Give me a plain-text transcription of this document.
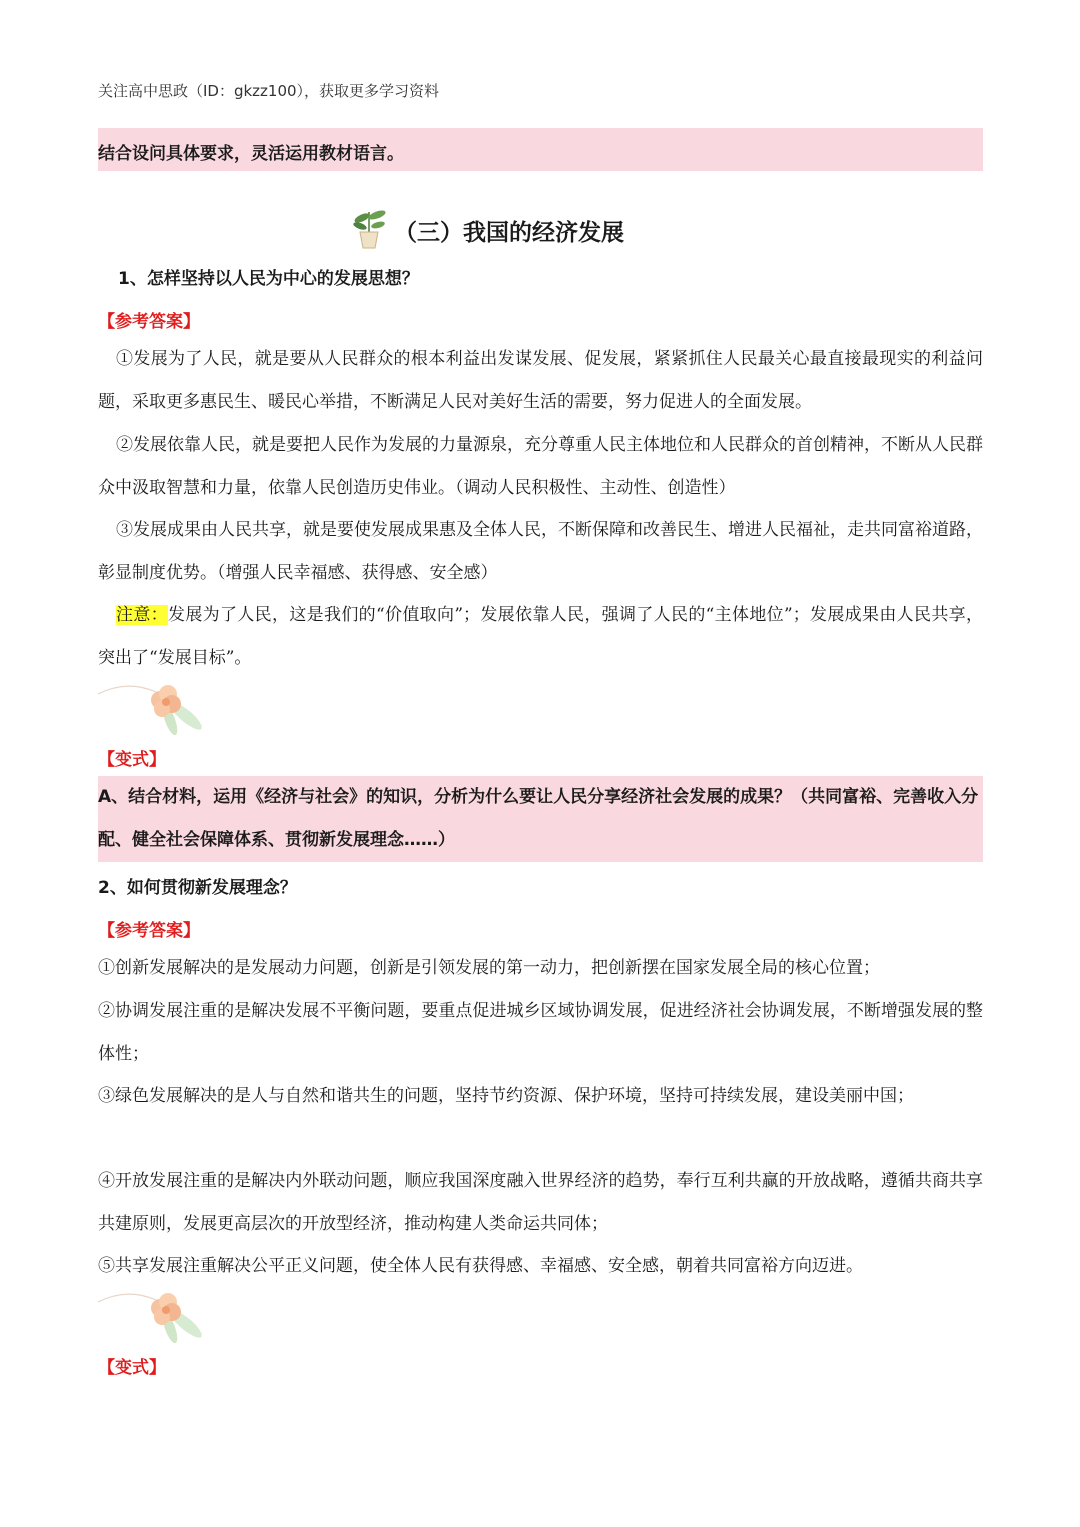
关注高中思政（ID：gkzz100），获取更多学习资料
结合设问具体要求，灵活运用教材语言。
（三）我国的经济发展
1、怎样坚持以人民为中心的发展思想？
【参考答案】
①发展为了人民，就是要从人民群众的根本利益出发谋发展、促发展，紧紧抓住人民最关心最直接最现实的利益问题，采取更多惠民生、暖民心举措，不断满足人民对美好生活的需要，努力促进人的全面发展。
②发展依靠人民，就是要把人民作为发展的力量源泉，充分尊重人民主体地位和人民群众的首创精神，不断从人民群众中汲取智慧和力量，依靠人民创造历史伟业。（调动人民积极性、主动性、创造性）
③发展成果由人民共享，就是要使发展成果惠及全体人民，不断保障和改善民生、增进人民福祉，走共同富裕道路，彰显制度优势。（增强人民幸福感、获得感、安全感）
注意：发展为了人民，这是我们的“价值取向”；发展依靠人民，强调了人民的“主体地位”；发展成果由人民共享，突出了“发展目标”。
【变式】
A、结合材料，运用《经济与社会》的知识，分析为什么要让人民分享经济社会发展的成果？（共同富裕、完善收入分配、健全社会保障体系、贯彻新发展理念……）
2、如何贯彻新发展理念？
【参考答案】
①创新发展解决的是发展动力问题，创新是引领发展的第一动力，把创新摆在国家发展全局的核心位置；
②协调发展注重的是解决发展不平衡问题，要重点促进城乡区域协调发展，促进经济社会协调发展，不断增强发展的整体性；
③绿色发展解决的是人与自然和谐共生的问题，坚持节约资源、保护环境，坚持可持续发展，建设美丽中国；
④开放发展注重的是解决内外联动问题，顺应我国深度融入世界经济的趋势，奉行互利共赢的开放战略，遵循共商共享共建原则，发展更高层次的开放型经济，推动构建人类命运共同体；
⑤共享发展注重解决公平正义问题，使全体人民有获得感、幸福感、安全感，朝着共同富裕方向迈进。
【变式】
